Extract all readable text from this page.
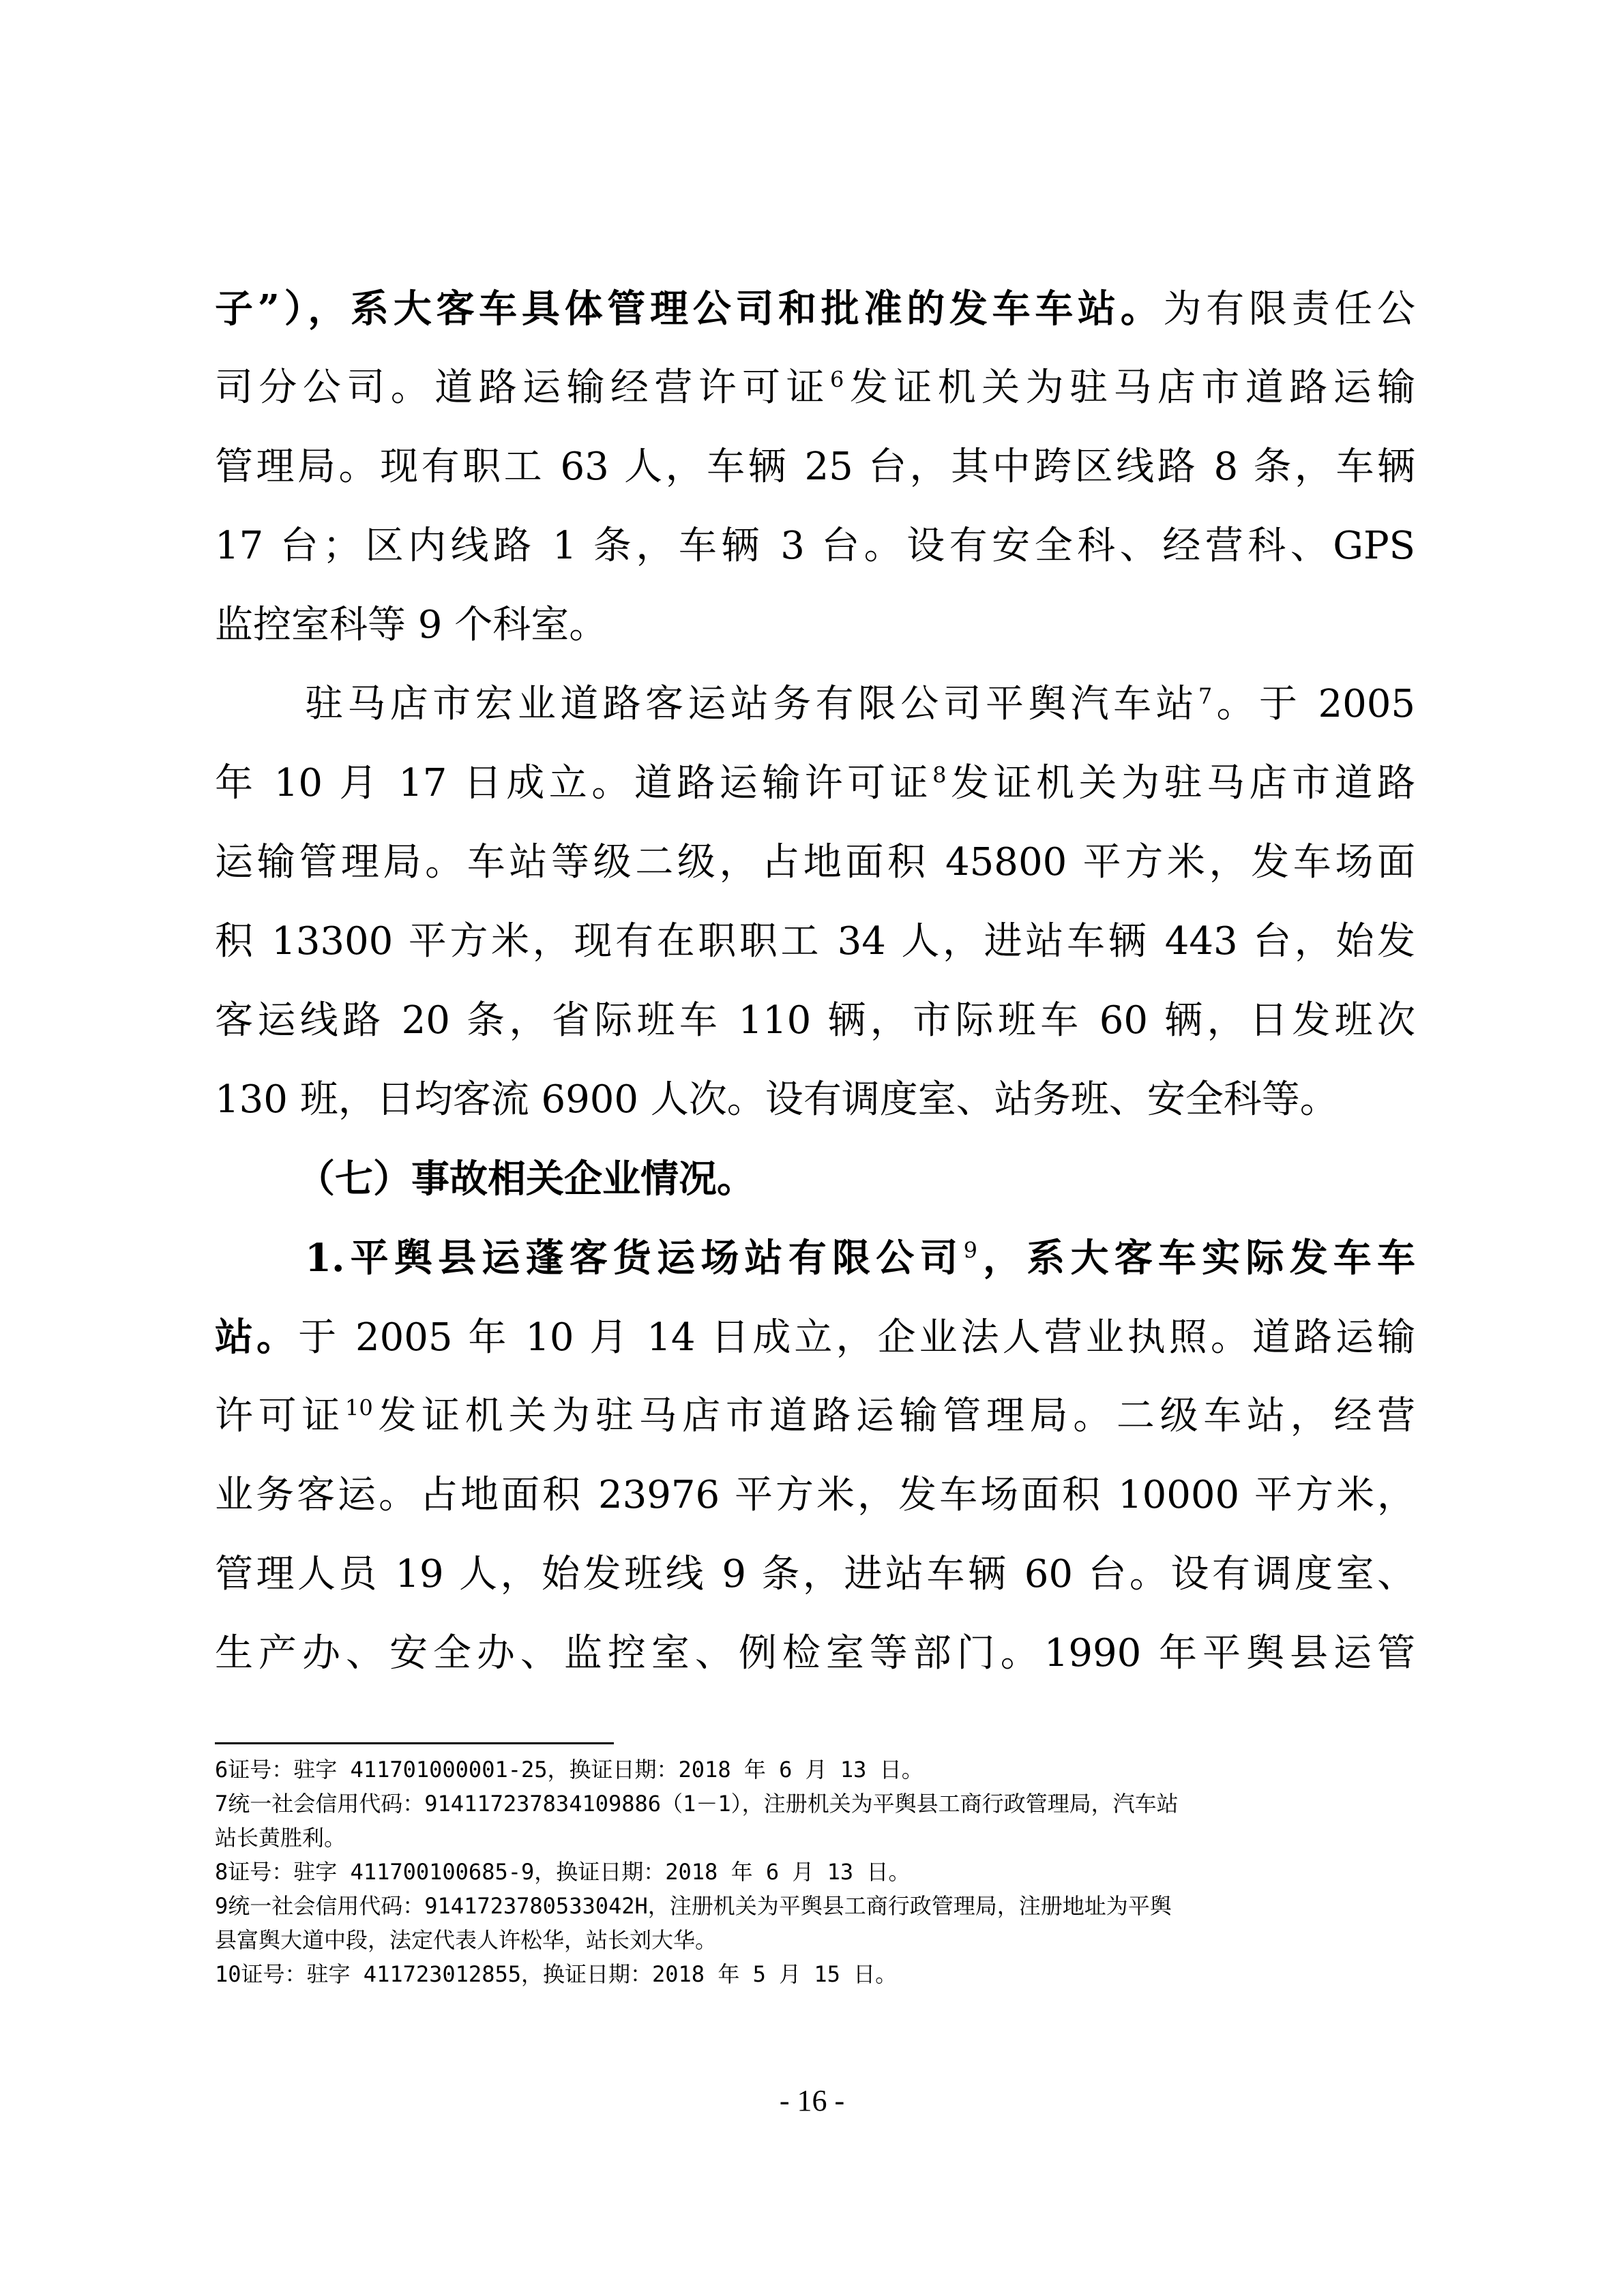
子”），系大客车具体管理公司和批准的发车车站。为有限责任公
司分公司。道路运输经营许可证$^6$发证机关为驻马店市道路运输
管理局。现有职工 63 人，车辆 25 台，其中跨区线路 8 条，车辆
17 台；区内线路 1 条，车辆 3 台。设有安全科、经营科、GPS
监控室科等 9 个科室。
驻马店市宏业道路客运站务有限公司平舆汽车站$^7$。于 2005
年 10 月 17 日成立。道路运输许可证$^8$发证机关为驻马店市道路
运输管理局。车站等级二级，占地面积 45800 平方米，发车场面
积 13300 平方米，现有在职职工 34 人，进站车辆 443 台，始发
客运线路 20 条，省际班车 110 辆，市际班车 60 辆，日发班次
130 班，日均客流 6900 人次。设有调度室、站务班、安全科等。
（七）事故相关企业情况。
1.平舆县运蓬客货运场站有限公司$^9$，系大客车实际发车车
站。于 2005 年 10 月 14 日成立，企业法人营业执照。道路运输
许可证$^{10}$发证机关为驻马店市道路运输管理局。二级车站，经营
业务客运。占地面积 23976 平方米，发车场面积 10000 平方米，
管理人员 19 人，始发班线 9 条，进站车辆 60 台。设有调度室、
生产办、安全办、监控室、例检室等部门。1990 年平舆县运管
6证号：驻字 411701000001-25，换证日期：2018 年 6 月 13 日。
7统一社会信用代码：914117237834109886（1－1），注册机关为平舆县工商行政管理局，汽车站
站长黄胜利。
8证号：驻字 411700100685-9，换证日期：2018 年 6 月 13 日。
9统一社会信用代码：9141723780533042H，注册机关为平舆县工商行政管理局，注册地址为平舆
县富舆大道中段，法定代表人许松华，站长刘大华。
10证号：驻字 411723012855，换证日期：2018 年 5 月 15 日。
- 16 -
